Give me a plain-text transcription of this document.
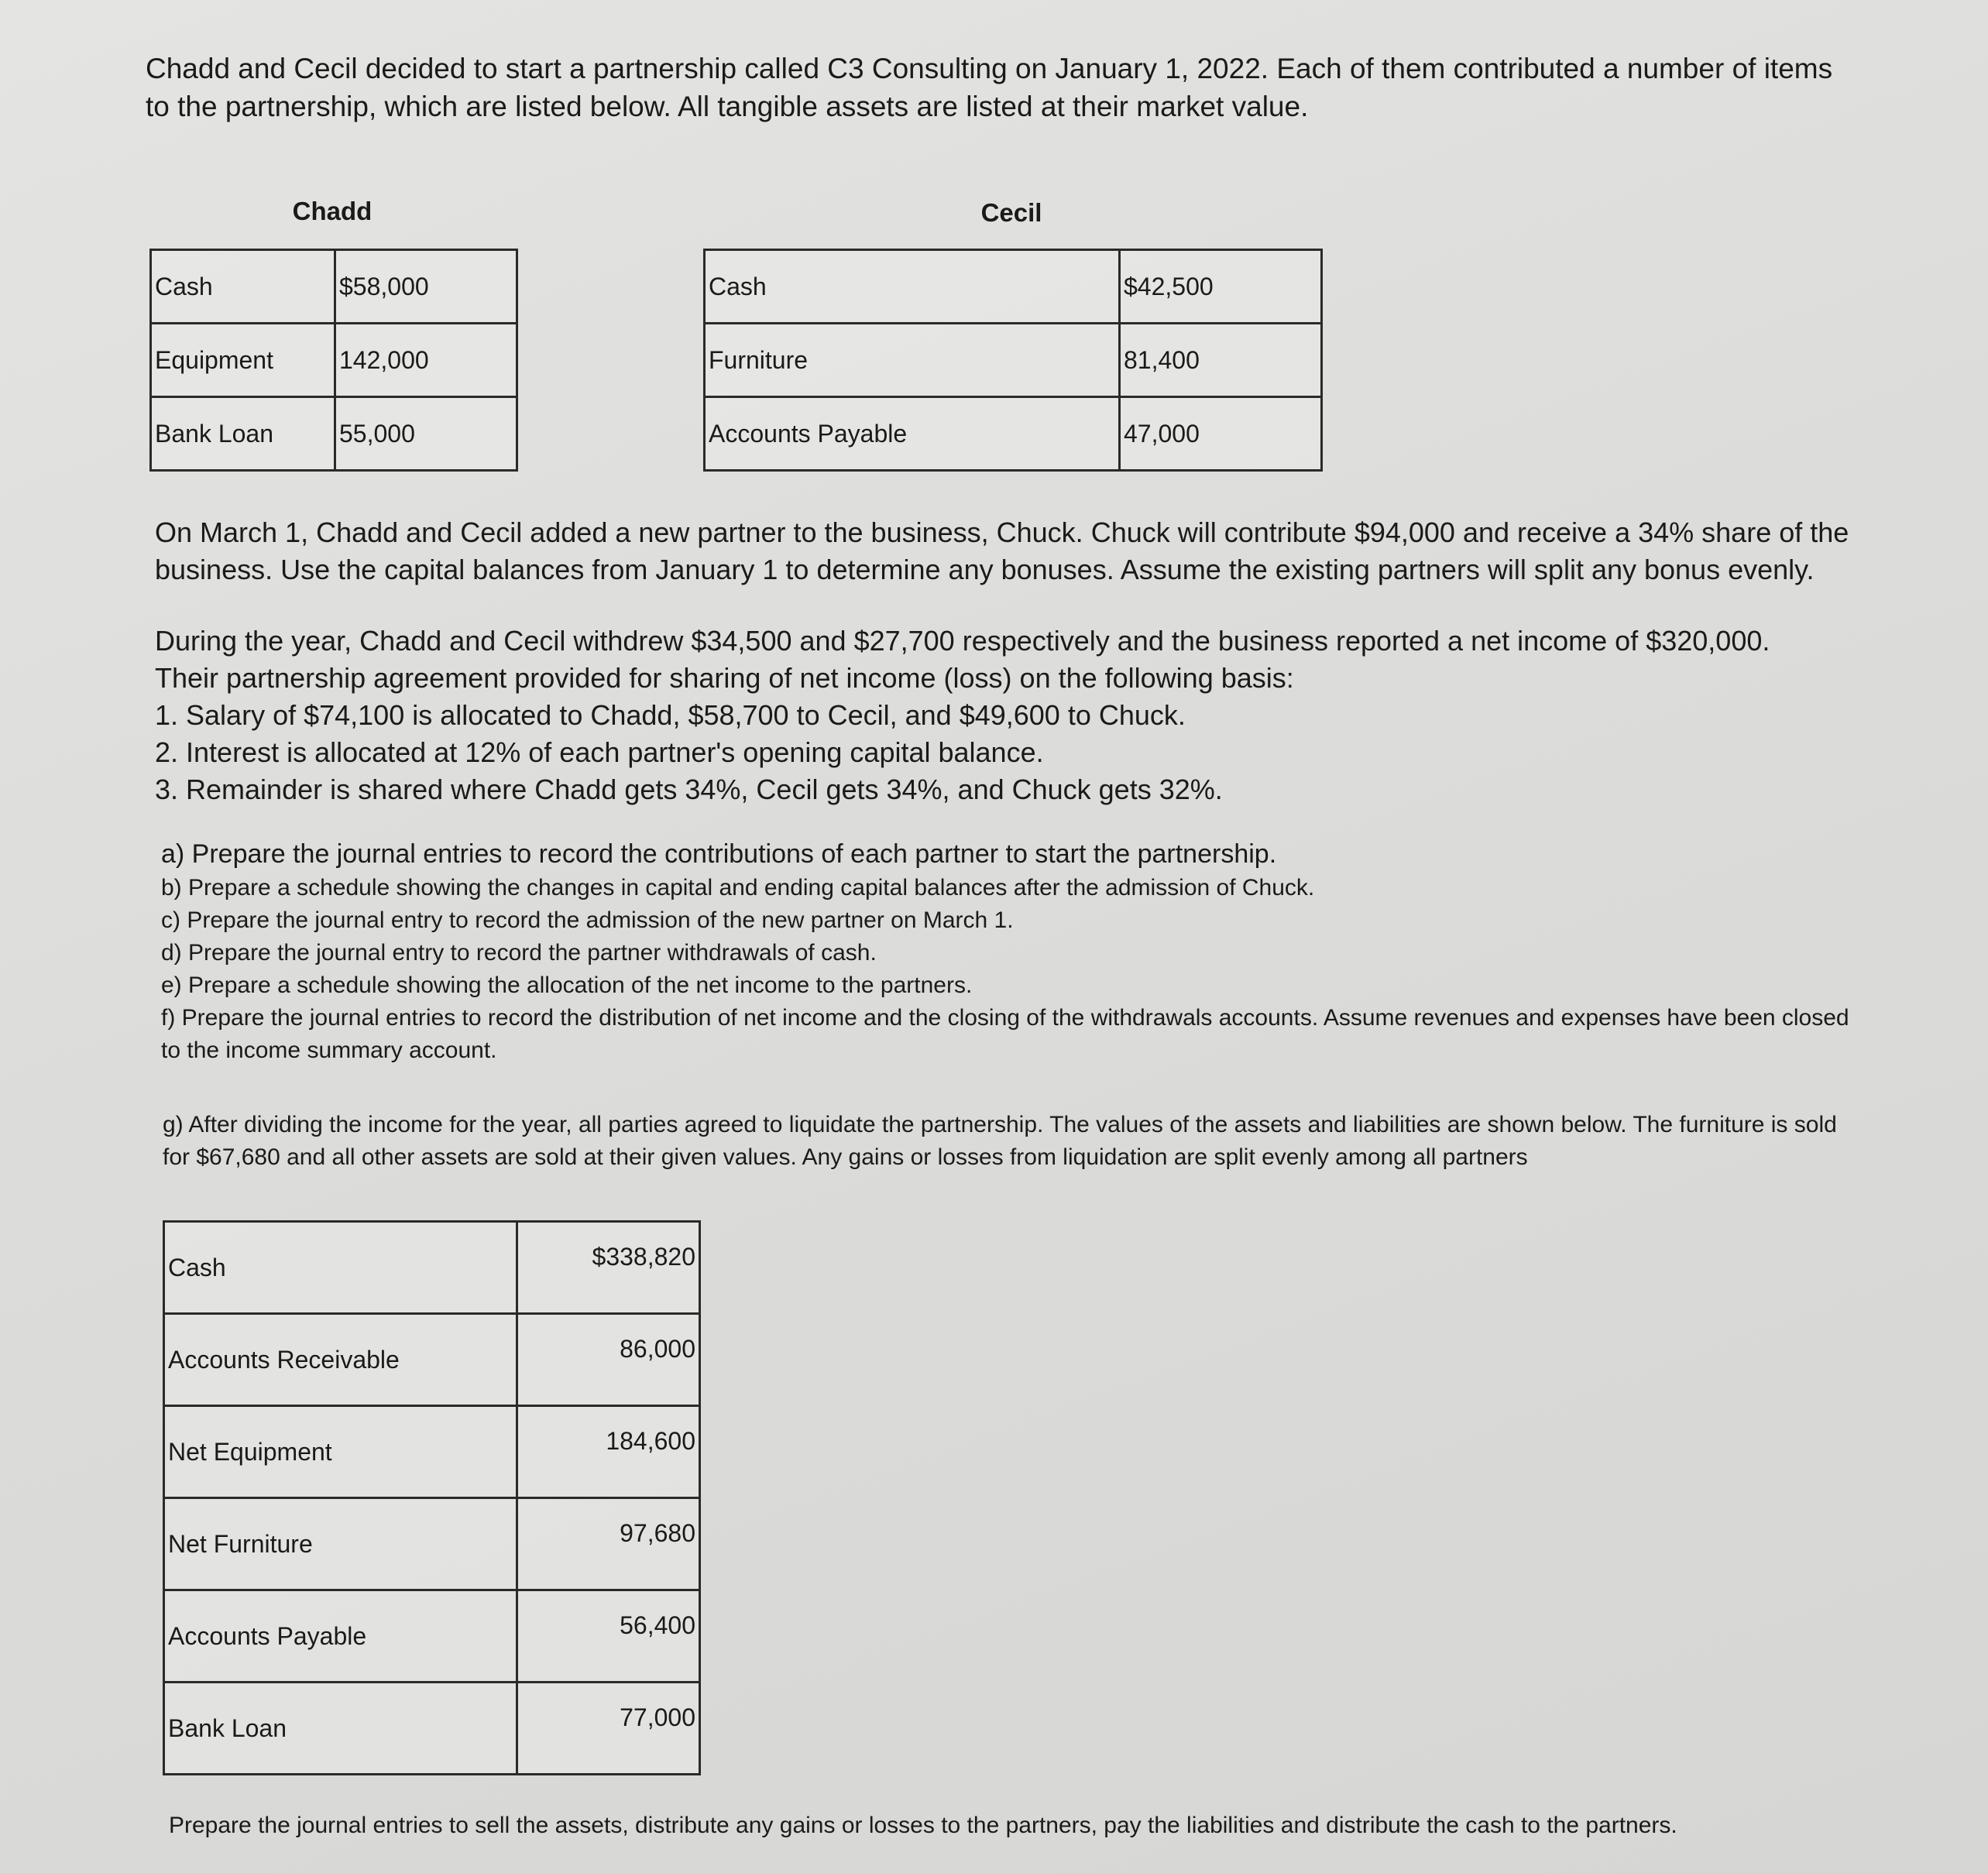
Chadd and Cecil decided to start a partnership called C3 Consulting on January 1, 2022. Each of them contributed a number of items to the partnership, which are listed below. All tangible assets are listed at their market value.

Chadd
Cash	$58,000
Equipment	142,000
Bank Loan	55,000
Cecil
Cash	$42,500
Furniture	81,400
Accounts Payable	47,000

On March 1, Chadd and Cecil added a new partner to the business, Chuck. Chuck will contribute $94,000 and receive a 34% share of the business. Use the capital balances from January 1 to determine any bonuses. Assume the existing partners will split any bonus evenly.

During the year, Chadd and Cecil withdrew $34,500 and $27,700 respectively and the business reported a net income of $320,000.
Their partnership agreement provided for sharing of net income (loss) on the following basis:
1. Salary of $74,100 is allocated to Chadd, $58,700 to Cecil, and $49,600 to Chuck.
2. Interest is allocated at 12% of each partner's opening capital balance.
3. Remainder is shared where Chadd gets 34%, Cecil gets 34%, and Chuck gets 32%.
a) Prepare the journal entries to record the contributions of each partner to start the partnership.
b) Prepare a schedule showing the changes in capital and ending capital balances after the admission of Chuck.
c) Prepare the journal entry to record the admission of the new partner on March 1.
d) Prepare the journal entry to record the partner withdrawals of cash.
e) Prepare a schedule showing the allocation of the net income to the partners.
f) Prepare the journal entries to record the distribution of net income and the closing of the withdrawals accounts. Assume revenues and expenses have been closed to the income summary account.

g) After dividing the income for the year, all parties agreed to liquidate the partnership. The values of the assets and liabilities are shown below. The furniture is sold for $67,680 and all other assets are sold at their given values. Any gains or losses from liquidation are split evenly among all partners

Cash	$338,820
Accounts Receivable	86,000
Net Equipment	184,600
Net Furniture	97,680
Accounts Payable	56,400
Bank Loan	77,000

Prepare the journal entries to sell the assets, distribute any gains or losses to the partners, pay the liabilities and distribute the cash to the partners.
